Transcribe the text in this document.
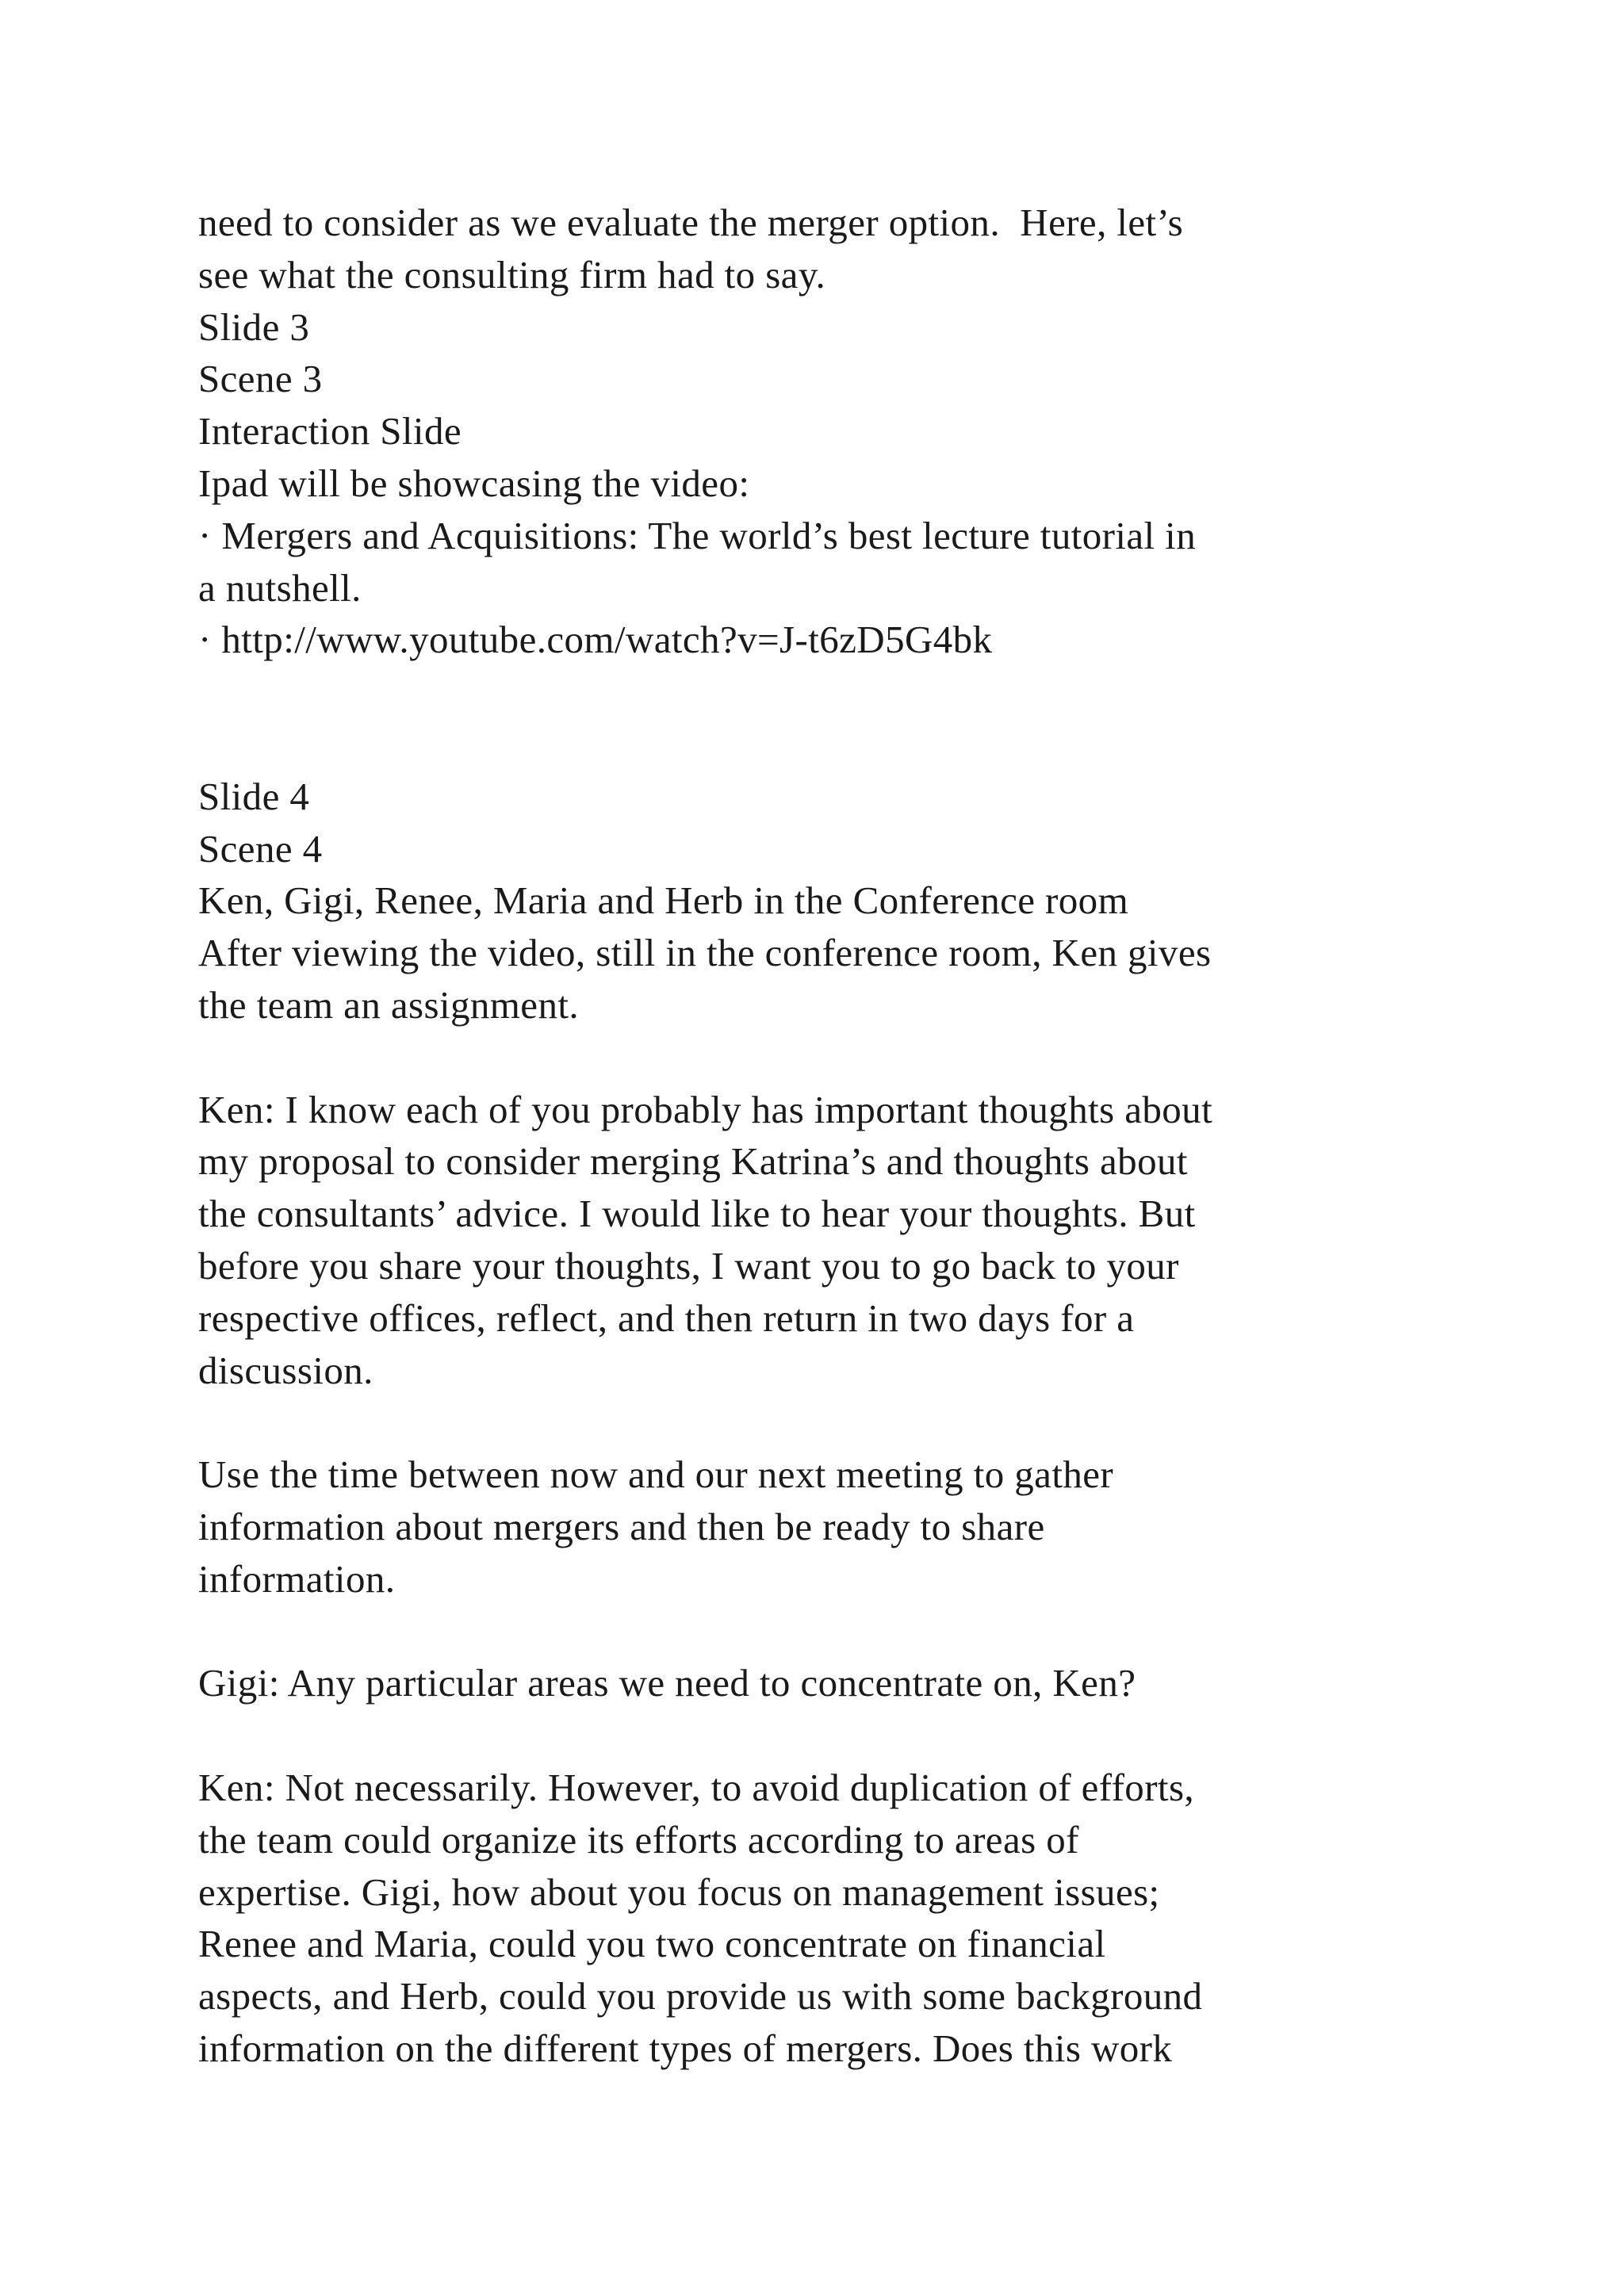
need to consider as we evaluate the merger option.  Here, let’s
see what the consulting firm had to say.
Slide 3
Scene 3
Interaction Slide
Ipad will be showcasing the video:
· Mergers and Acquisitions: The world’s best lecture tutorial in
a nutshell.
· http://www.youtube.com/watch?v=J-t6zD5G4bk
Slide 4
Scene 4
Ken, Gigi, Renee, Maria and Herb in the Conference room
After viewing the video, still in the conference room, Ken gives
the team an assignment.
Ken: I know each of you probably has important thoughts about
my proposal to consider merging Katrina’s and thoughts about
the consultants’ advice. I would like to hear your thoughts. But
before you share your thoughts, I want you to go back to your
respective offices, reflect, and then return in two days for a
discussion.
Use the time between now and our next meeting to gather
information about mergers and then be ready to share
information.
Gigi: Any particular areas we need to concentrate on, Ken?
Ken: Not necessarily. However, to avoid duplication of efforts,
the team could organize its efforts according to areas of
expertise. Gigi, how about you focus on management issues;
Renee and Maria, could you two concentrate on financial
aspects, and Herb, could you provide us with some background
information on the different types of mergers. Does this work
